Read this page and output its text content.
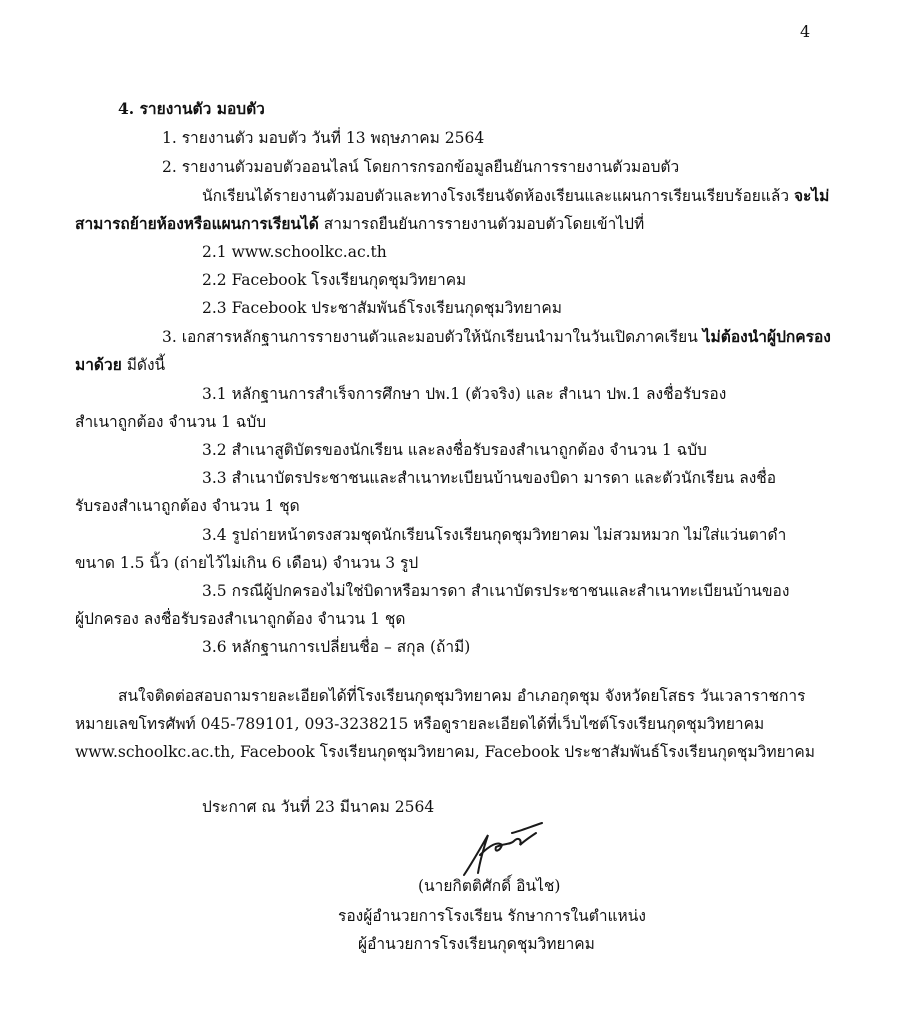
4
4. รายงานตัว มอบตัว
1. รายงานตัว มอบตัว วันที่ 13 พฤษภาคม 2564
2. รายงานตัวมอบตัวออนไลน์ โดยการกรอกข้อมูลยืนยันการรายงานตัวมอบตัว
นักเรียนได้รายงานตัวมอบตัวและทางโรงเรียนจัดห้องเรียนและแผนการเรียนเรียบร้อยแล้ว จะไม่
สามารถย้ายห้องหรือแผนการเรียนได้ สามารถยืนยันการรายงานตัวมอบตัวโดยเข้าไปที่
2.1 www.schoolkc.ac.th
2.2 Facebook โรงเรียนกุดชุมวิทยาคม
2.3 Facebook ประชาสัมพันธ์โรงเรียนกุดชุมวิทยาคม
3. เอกสารหลักฐานการรายงานตัวและมอบตัวให้นักเรียนนำมาในวันเปิดภาคเรียน ไม่ต้องนำผู้ปกครอง
มาด้วย มีดังนี้
3.1 หลักฐานการสำเร็จการศึกษา ปพ.1 (ตัวจริง) และ สำเนา ปพ.1 ลงชื่อรับรอง
สำเนาถูกต้อง จำนวน 1 ฉบับ
3.2 สำเนาสูติบัตรของนักเรียน และลงชื่อรับรองสำเนาถูกต้อง จำนวน 1 ฉบับ
3.3 สำเนาบัตรประชาชนและสำเนาทะเบียนบ้านของบิดา มารดา และตัวนักเรียน ลงชื่อ
รับรองสำเนาถูกต้อง จำนวน 1 ชุด
3.4 รูปถ่ายหน้าตรงสวมชุดนักเรียนโรงเรียนกุดชุมวิทยาคม ไม่สวมหมวก ไม่ใส่แว่นตาดำ
ขนาด 1.5 นิ้ว (ถ่ายไว้ไม่เกิน 6 เดือน) จำนวน 3 รูป
3.5 กรณีผู้ปกครองไม่ใช่บิดาหรือมารดา สำเนาบัตรประชาชนและสำเนาทะเบียนบ้านของ
ผู้ปกครอง ลงชื่อรับรองสำเนาถูกต้อง จำนวน 1 ชุด
3.6 หลักฐานการเปลี่ยนชื่อ – สกุล (ถ้ามี)
สนใจติดต่อสอบถามรายละเอียดได้ที่โรงเรียนกุดชุมวิทยาคม อำเภอกุดชุม จังหวัดยโสธร วันเวลาราชการ
หมายเลขโทรศัพท์ 045-789101, 093-3238215 หรือดูรายละเอียดได้ที่เว็บไซต์โรงเรียนกุดชุมวิทยาคม
www.schoolkc.ac.th, Facebook โรงเรียนกุดชุมวิทยาคม, Facebook ประชาสัมพันธ์โรงเรียนกุดชุมวิทยาคม
ประกาศ ณ วันที่ 23 มีนาคม 2564
(นายกิตติศักดิ์ อินไช)
รองผู้อำนวยการโรงเรียน รักษาการในตำแหน่ง
ผู้อำนวยการโรงเรียนกุดชุมวิทยาคม
